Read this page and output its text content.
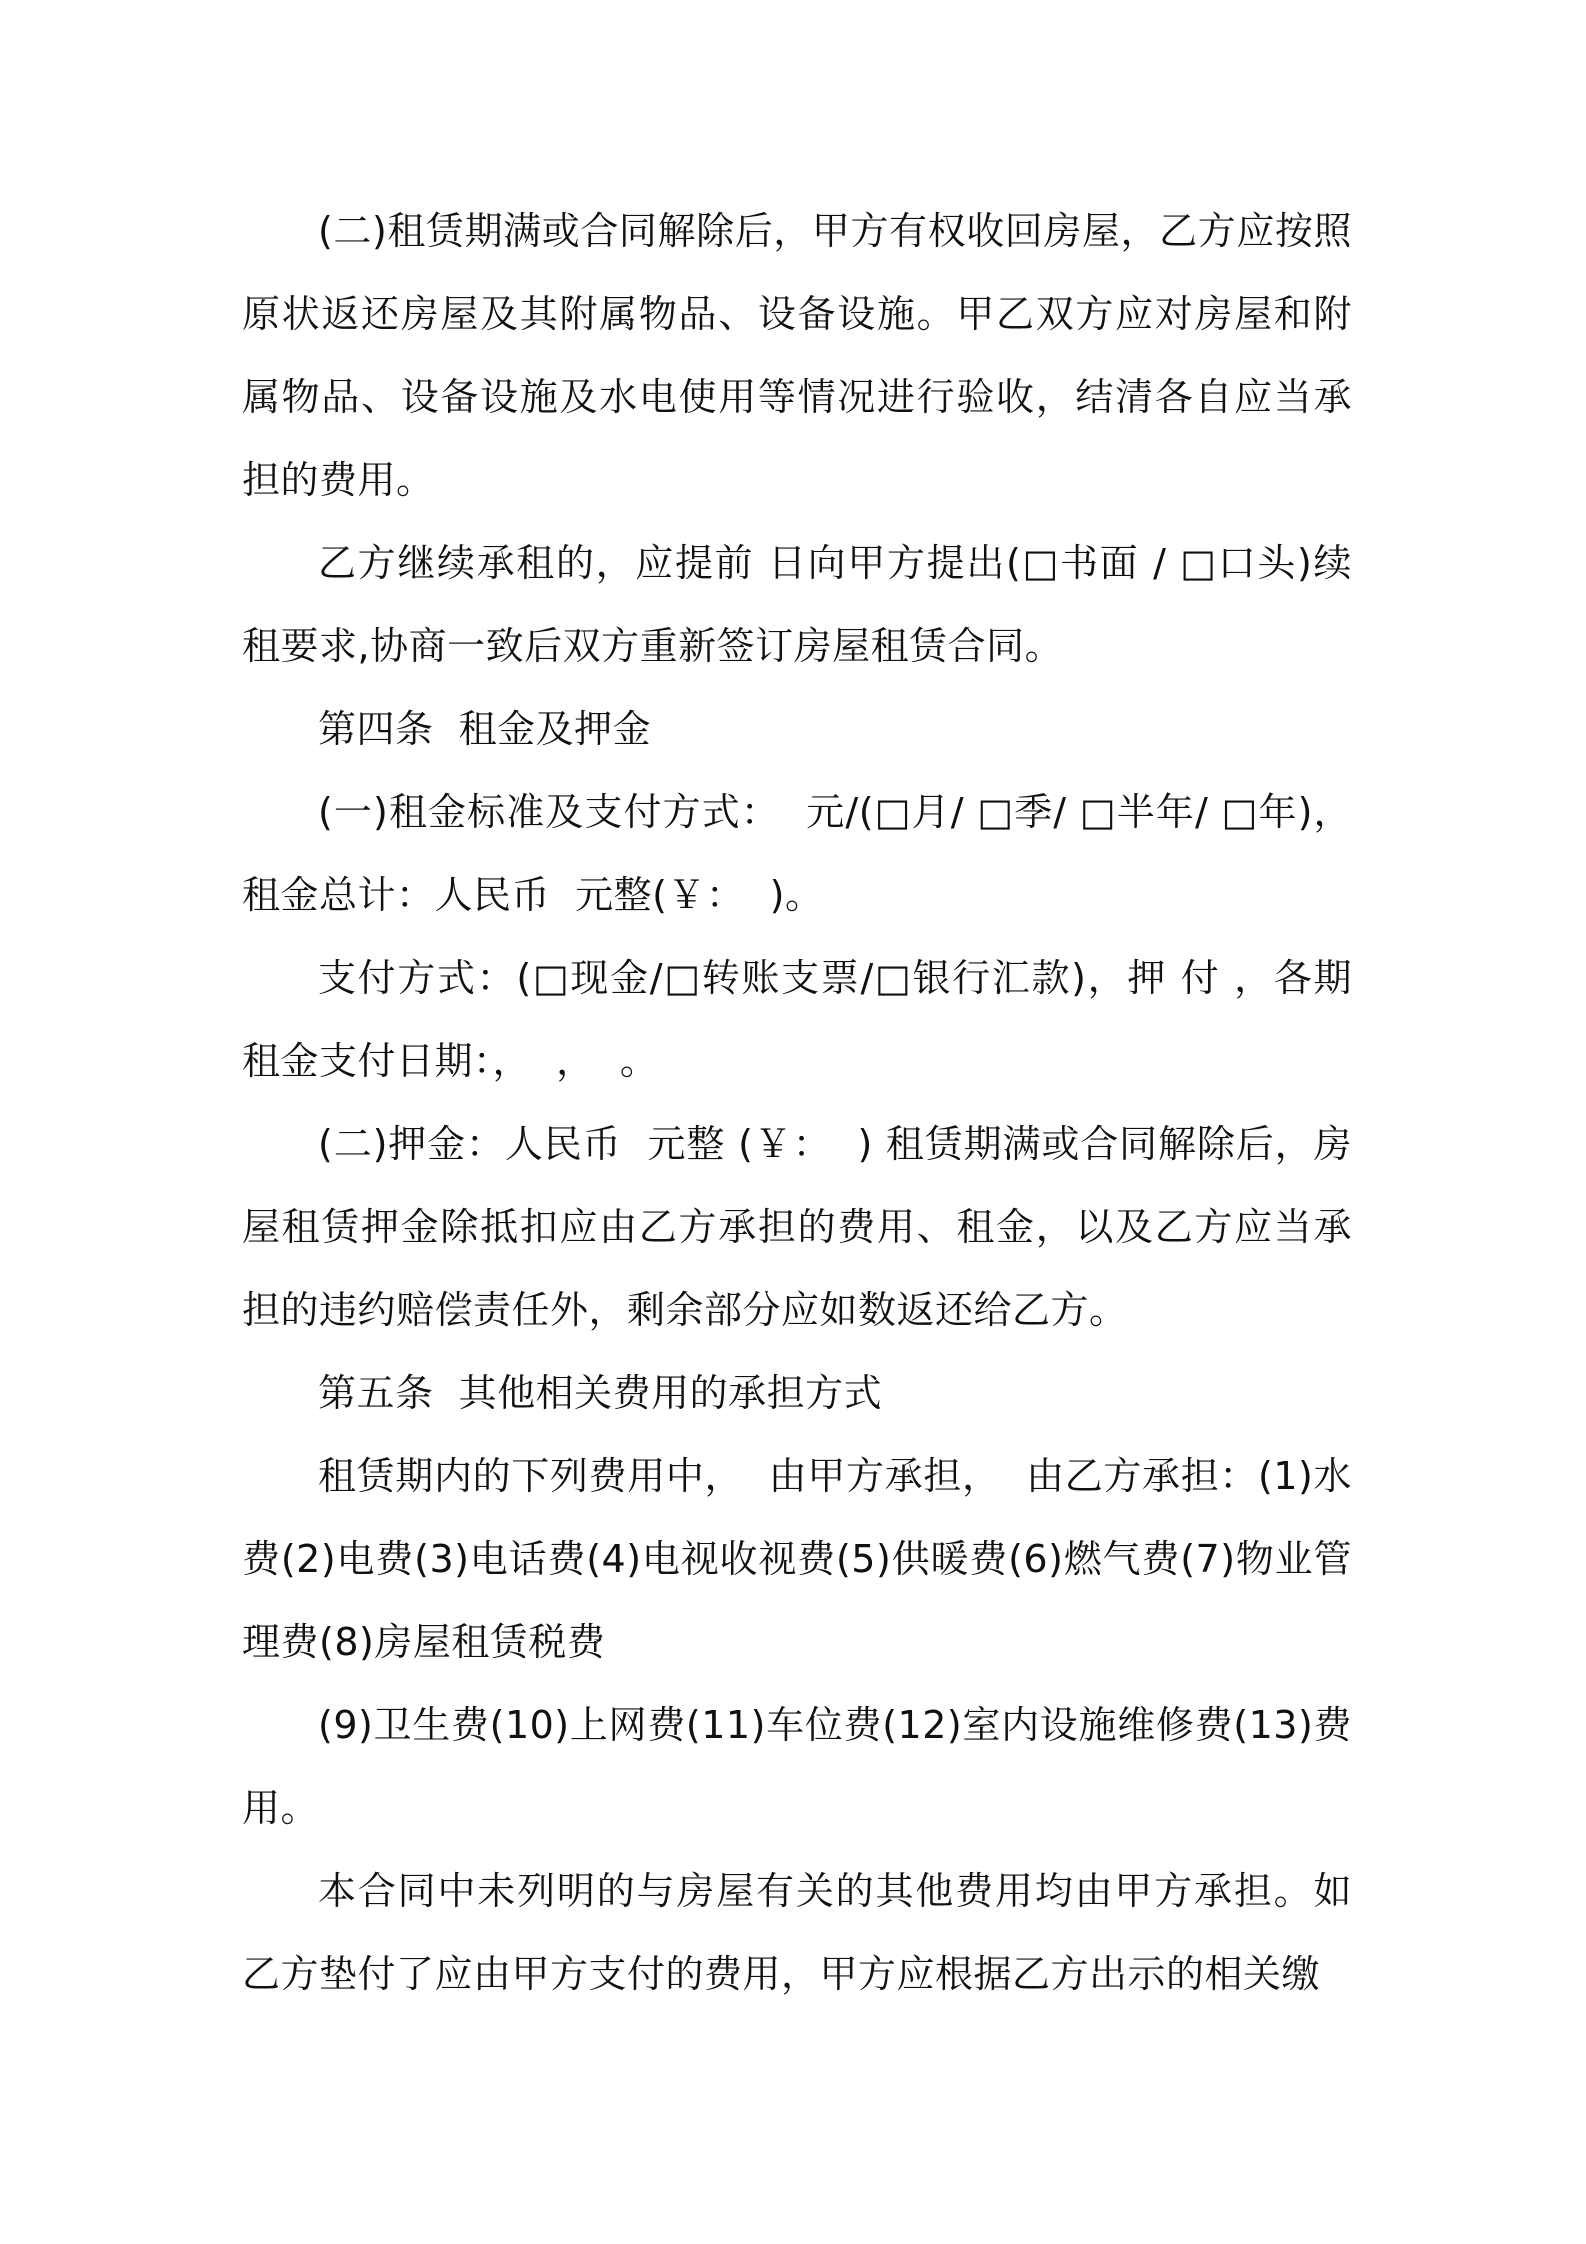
(二)租赁期满或合同解除后，甲方有权收回房屋，乙方应按照原状返还房屋及其附属物品、设备设施。甲乙双方应对房屋和附属物品、设备设施及水电使用等情况进行验收，结清各自应当承担的费用。

乙方继续承租的，应提前 日向甲方提出(□书面 / □口头)续租要求,协商一致后双方重新签订房屋租赁合同。

第四条  租金及押金

(一)租金标准及支付方式：  元/(□月/ □季/ □半年/ □年)，租金总计：人民币  元整(￥：  )。

支付方式：(□现金/□转账支票/□银行汇款)，押 付 ，各期租金支付日期：，  ，  。

(二)押金：人民币  元整 (￥：  ) 租赁期满或合同解除后，房屋租赁押金除抵扣应由乙方承担的费用、租金，以及乙方应当承担的违约赔偿责任外，剩余部分应如数返还给乙方。

第五条  其他相关费用的承担方式

租赁期内的下列费用中，  由甲方承担，  由乙方承担：(1)水费(2)电费(3)电话费(4)电视收视费(5)供暖费(6)燃气费(7)物业管理费(8)房屋租赁税费

(9)卫生费(10)上网费(11)车位费(12)室内设施维修费(13)费用。

本合同中未列明的与房屋有关的其他费用均由甲方承担。如乙方垫付了应由甲方支付的费用，甲方应根据乙方出示的相关缴
